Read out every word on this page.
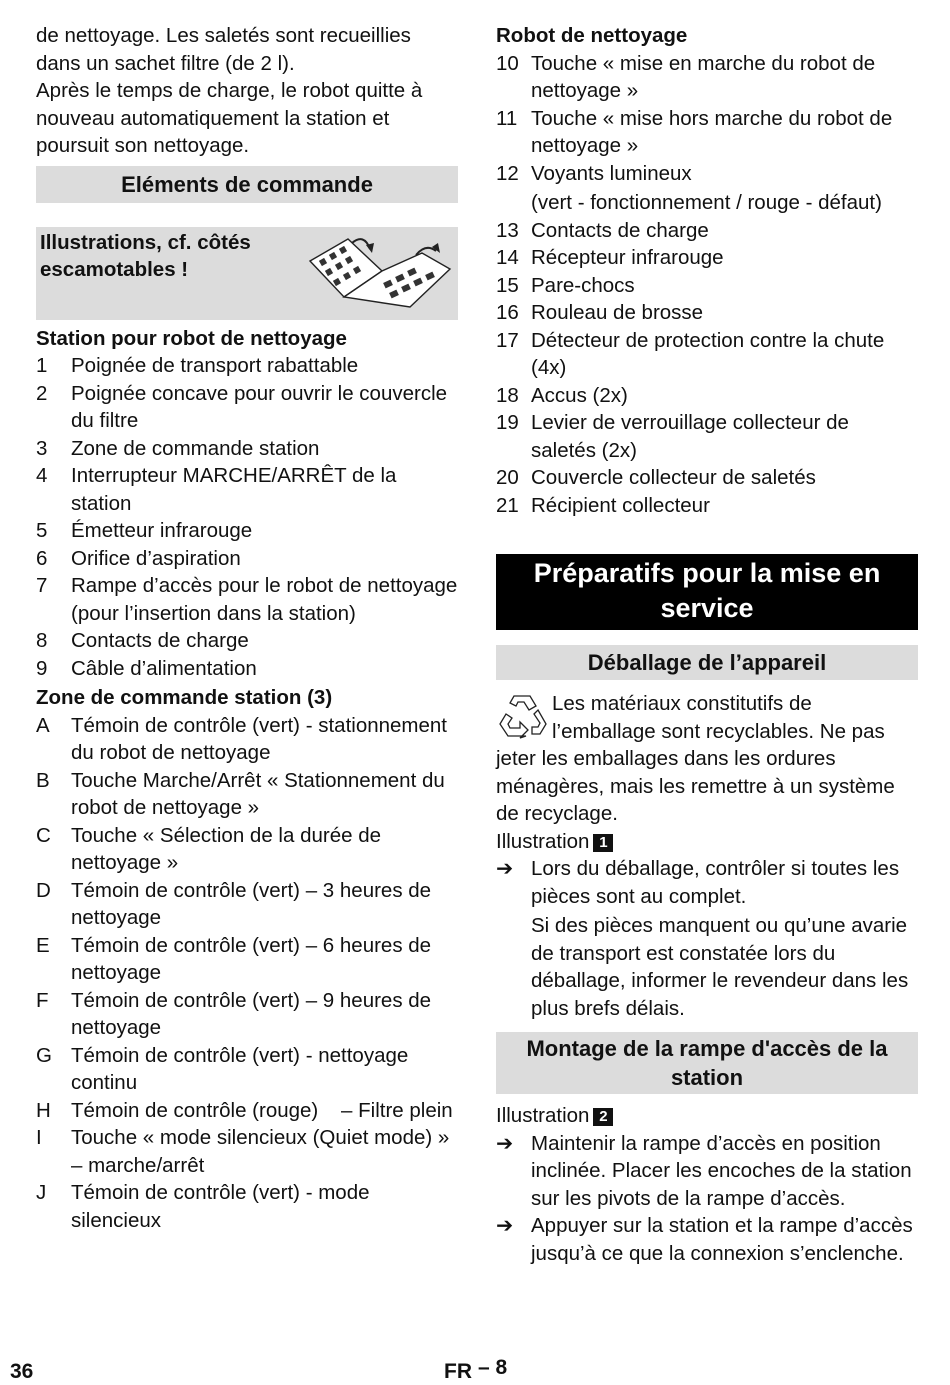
de nettoyage. Les saletés sont recueillies dans un sachet filtre (de 2 l).

Après le temps de charge, le robot quitte à nouveau automatiquement la station et poursuit son nettoyage.

Eléments de commande
Illustrations, cf. côtés escamotables !

Station pour robot de nettoyage

1	Poignée de transport rabattable
2	Poignée concave pour ouvrir le couvercle du filtre
3	Zone de commande station
4	Interrupteur MARCHE/ARRÊT de la station
5	Émetteur infrarouge
6	Orifice d’aspiration
7	Rampe d’accès pour le robot de nettoyage (pour l’insertion dans la station)
8	Contacts de charge
9	Câble d’alimentation

Zone de commande station (3)

A	Témoin de contrôle (vert) - stationnement du robot de nettoyage
B	Touche Marche/Arrêt « Stationnement du robot de nettoyage »
C Touche « Sélection de la durée de nettoyage »
D Témoin de contrôle (vert) – 3 heures de nettoyage
E	Témoin de contrôle (vert) – 6 heures de nettoyage
F	Témoin de contrôle (vert) – 9 heures de nettoyage
G Témoin de contrôle (vert) - nettoyage continu
H Témoin de contrôle (rouge)    – Filtre plein
I	Touche « mode silencieux (Quiet mode) » – marche/arrêt
J	Témoin de contrôle (vert) - mode silencieux

Robot de nettoyage

10 Touche « mise en marche du robot de nettoyage »
11 Touche « mise hors marche du robot de nettoyage »
12 Voyants lumineux
(vert - fonctionnement / rouge - défaut)
13 Contacts de charge
14 Récepteur infrarouge
15 Pare-chocs
16 Rouleau de brosse
17 Détecteur de protection contre la chute (4x)
18 Accus (2x)
19 Levier de verrouillage collecteur de saletés (2x)
20 Couvercle collecteur de saletés
21 Récipient collecteur
Préparatifs pour la mise en service
Déballage de l’appareil

Les matériaux constitutifs de l’emballage sont recyclables. Ne pas jeter les emballages dans les ordures ménagères, mais les remettre à un système de recyclage.

Illustration 1

➔ Lors du déballage, contrôler si toutes les pièces sont au complet.
Si des pièces manquent ou qu’une avarie de transport est constatée lors du déballage, informer le revendeur dans les plus brefs délais.
Montage de la rampe d'accès de la station

Illustration 2

➔ Maintenir la rampe d’accès en position inclinée. Placer les encoches de la station sur les pivots de la rampe d’accès.
➔ Appuyer sur la station et la rampe d’accès jusqu’à ce que la connexion s’enclenche.
36	FR – 8
